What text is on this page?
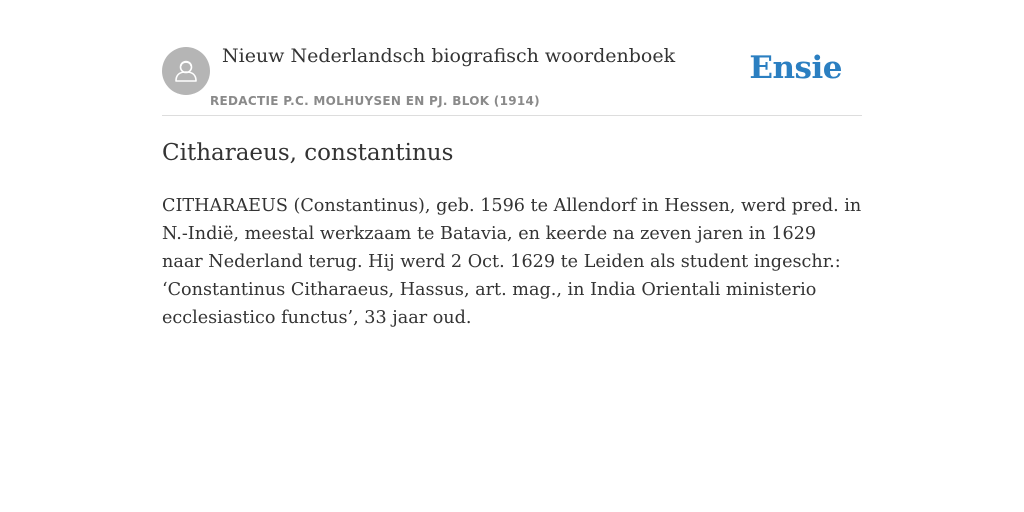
Nieuw Nederlandsch biografisch woordenboek
REDACTIE P.C. MOLHUYSEN EN PJ. BLOK (1914)
Ensie
Citharaeus, constantinus

CITHARAEUS (Constantinus), geb. 1596 te Allendorf in Hessen, werd pred. in N.-Indië, meestal werkzaam te Batavia, en keerde na zeven jaren in 1629 naar Nederland terug. Hij werd 2 Oct. 1629 te Leiden als student ingeschr.: ‘Constantinus Citharaeus, Hassus, art. mag., in India Orientali ministerio ecclesiastico functus’, 33 jaar oud.
